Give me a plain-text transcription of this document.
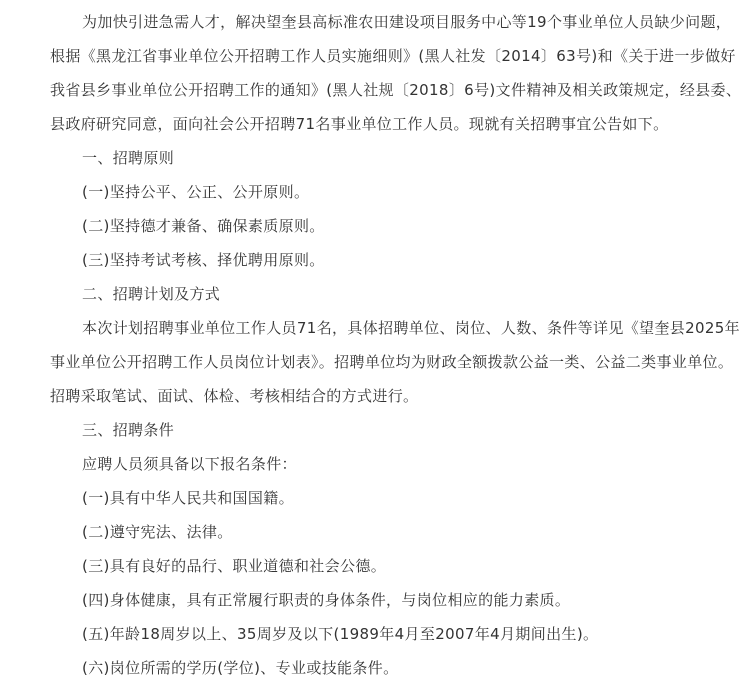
为加快引进急需人才，解决望奎县高标准农田建设项目服务中心等19个事业单位人员缺少问题，
根据《黑龙江省事业单位公开招聘工作人员实施细则》(黑人社发〔2014〕63号)和《关于进一步做好
我省县乡事业单位公开招聘工作的通知》(黑人社规〔2018〕6号)文件精神及相关政策规定，经县委、
县政府研究同意，面向社会公开招聘71名事业单位工作人员。现就有关招聘事宜公告如下。
一、招聘原则
(一)坚持公平、公正、公开原则。
(二)坚持德才兼备、确保素质原则。
(三)坚持考试考核、择优聘用原则。
二、招聘计划及方式
本次计划招聘事业单位工作人员71名，具体招聘单位、岗位、人数、条件等详见《望奎县2025年
事业单位公开招聘工作人员岗位计划表》。招聘单位均为财政全额拨款公益一类、公益二类事业单位。
招聘采取笔试、面试、体检、考核相结合的方式进行。
三、招聘条件
应聘人员须具备以下报名条件：
(一)具有中华人民共和国国籍。
(二)遵守宪法、法律。
(三)具有良好的品行、职业道德和社会公德。
(四)身体健康，具有正常履行职责的身体条件，与岗位相应的能力素质。
(五)年龄18周岁以上、35周岁及以下(1989年4月至2007年4月期间出生)。
(六)岗位所需的学历(学位)、专业或技能条件。
